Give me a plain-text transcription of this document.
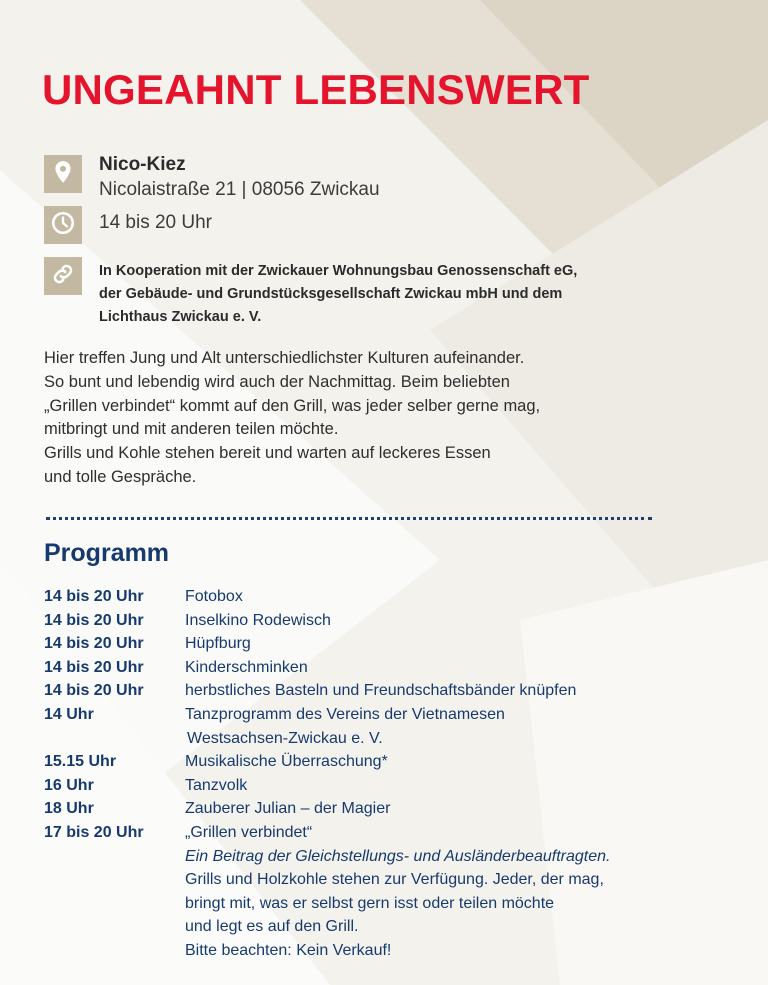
UNGEAHNT LEBENSWERT
Nico-Kiez
Nicolaistraße 21 | 08056 Zwickau
14 bis 20 Uhr
In Kooperation mit der Zwickauer Wohnungsbau Genossenschaft eG,
der Gebäude- und Grundstücksgesellschaft Zwickau mbH und dem
Lichthaus Zwickau e. V.
Hier treffen Jung und Alt unterschiedlichster Kulturen aufeinander.
So bunt und lebendig wird auch der Nachmittag. Beim beliebten
„Grillen verbindet“ kommt auf den Grill, was jeder selber gerne mag,
mitbringt und mit anderen teilen möchte.
Grills und Kohle stehen bereit und warten auf leckeres Essen
und tolle Gespräche.
Programm
14 bis 20 Uhr	Fotobox
14 bis 20 Uhr	Inselkino Rodewisch
14 bis 20 Uhr	Hüpfburg
14 bis 20 Uhr	Kinderschminken
14 bis 20 Uhr	herbstliches Basteln und Freundschaftsbänder knüpfen
14 Uhr	Tanzprogramm des Vereins der Vietnamesen
Westsachsen-Zwickau e. V.
15.15 Uhr	Musikalische Überraschung*
16 Uhr	Tanzvolk
18 Uhr	Zauberer Julian – der Magier
17 bis 20 Uhr	„Grillen verbindet“
Ein Beitrag der Gleichstellungs- und Ausländerbeauftragten.
Grills und Holzkohle stehen zur Verfügung. Jeder, der mag,
bringt mit, was er selbst gern isst oder teilen möchte
und legt es auf den Grill.
Bitte beachten: Kein Verkauf!
